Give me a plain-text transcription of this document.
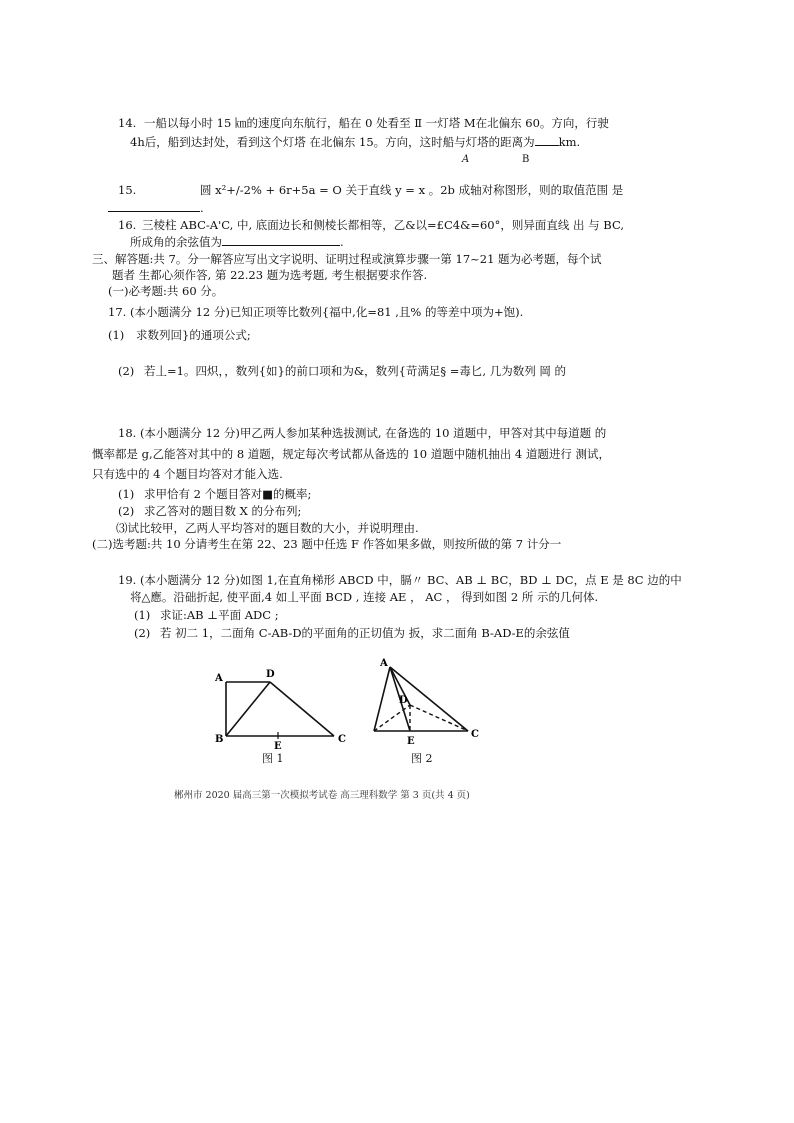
14. 一船以每小时 15 ㎞的速度向东航行，船在 0 处看至 Ⅱ 一灯塔 M在北偏东 60。方向，行驶
4h后，船到达封处，看到这个灯塔 在北偏东 15。方向，这时船与灯塔的距离为 km.
A	B
15.	圆 x²+/-2% + 6r+5a = O 关于直线 y = x 。2b 成轴对称图形，则的取值范围 是
.
16. 三棱柱 ABC-A'C, 中, 底面边长和侧棱长都相等，乙&以=£C4&=60°，则异面直线 出 与 BC,
所成角的余弦值为	.
三、解答题:共 7。分一解答应写出文字说明、证明过程或演算步骤一第 17~21 题为必考题，每个试
题者 生都心须作答, 第 22.23 题为选考题, 考生根据要求作答.
(一)必考题:共 60 分。
17. (本小题满分 12 分)已知正项等比数列{福中,化=81 ,且% 的等差中项为+饱).
(1) 求数列回}的通项公式;
(2) 若丄=1。四炽，，数列{如}的前口项和为&，数列{苛满足§ =毒匕, 几为数列 岡 的
18. (本小题满分 12 分)甲乙两人参加某种选拔测试, 在备选的 10 道题中，甲答对其中每道题 的
慨率都是 g,乙能答对其中的 8 道题，规定每次考试都从备选的 10 道题中随机抽出 4 道题进行 测试，
只有选中的 4 个题目均答对才能入选.
(1) 求甲恰有 2 个题目答对■的概率;
(2) 求乙答对的题目数 X 的分布列;
⑶试比较甲，乙两人平均答对的题目数的大小，并说明理由.
(二)选考题:共 10 分请考生在第 22、23 题中任选 F 作答如果多做，则按所做的第 7 计分一
19. (本小题满分 12 分)如图 1,在直角梯形 ABCD 中，膈〃 BC、AB ⊥ BC，BD ⊥ DC，点 E 是 8C 边的中
将△應。沿础折起, 使平面,4 如丄平面 BCD , 连接 AE ， AC ， 得到如图 2 所 示的几何体.
(1) 求证:AB ⊥平面 ADC ;
(2) 若 初二 1，二面角 C-AB-D的平面角的正切值为 扳，求二面角 B-AD-E的余弦值
A	D
B
E
C
图 1
A
D
E
C
图 2
郴州市 2020 届高三第一次模拟考试卷 高三理科数学 第 3 页(共 4 页)
